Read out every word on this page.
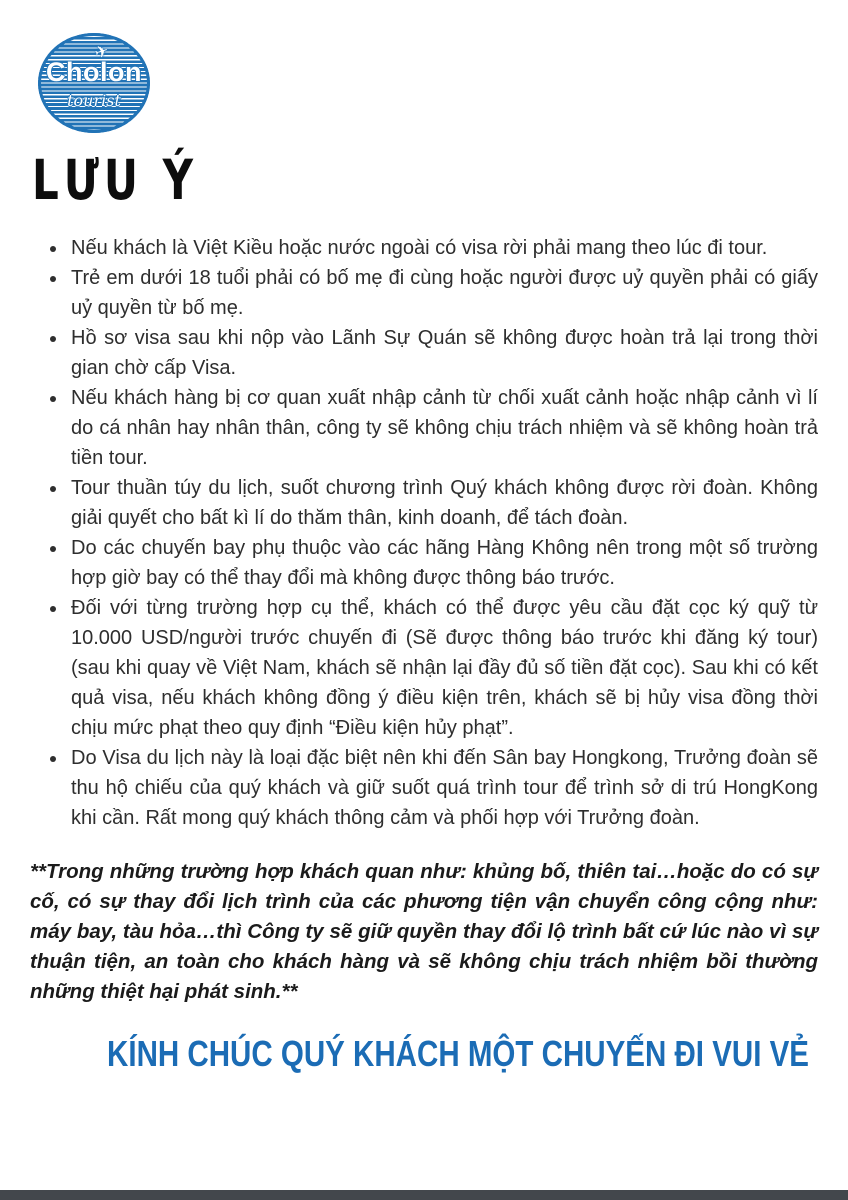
✈
Cholon
tourist
LƯU Ý
• Nếu khách là Việt Kiều hoặc nước ngoài có visa rời phải mang theo lúc đi tour.
• Trẻ em dưới 18 tuổi phải có bố mẹ đi cùng hoặc người được uỷ quyền phải có giấy uỷ quyền từ bố mẹ.
• Hồ sơ visa sau khi nộp vào Lãnh Sự Quán sẽ không được hoàn trả lại trong thời gian chờ cấp Visa.
• Nếu khách hàng bị cơ quan xuất nhập cảnh từ chối xuất cảnh hoặc nhập cảnh vì lí do cá nhân hay nhân thân, công ty sẽ không chịu trách nhiệm và sẽ không hoàn trả tiền tour.
• Tour thuần túy du lịch, suốt chương trình Quý khách không được rời đoàn. Không giải quyết cho bất kì lí do thăm thân, kinh doanh, để tách đoàn.
• Do các chuyến bay phụ thuộc vào các hãng Hàng Không nên trong một số trường hợp giờ bay có thể thay đổi mà không được thông báo trước.
• Đối với từng trường hợp cụ thể, khách có thể được yêu cầu đặt cọc ký quỹ từ 10.000 USD/người trước chuyến đi (Sẽ được thông báo trước khi đăng ký tour) (sau khi quay về Việt Nam, khách sẽ nhận lại đầy đủ số tiền đặt cọc). Sau khi có kết quả visa, nếu khách không đồng ý điều kiện trên, khách sẽ bị hủy visa đồng thời chịu mức phạt theo quy định “Điều kiện hủy phạt”.
• Do Visa du lịch này là loại đặc biệt nên khi đến Sân bay Hongkong, Trưởng đoàn sẽ thu hộ chiếu của quý khách và giữ suốt quá trình tour để trình sở di trú HongKong khi cần. Rất mong quý khách thông cảm và phối hợp với Trưởng đoàn.

**Trong những trường hợp khách quan như: khủng bố, thiên tai…hoặc do có sự cố, có sự thay đổi lịch trình của các phương tiện vận chuyển công cộng như: máy bay, tàu hỏa…thì Công ty sẽ giữ quyền thay đổi lộ trình bất cứ lúc nào vì sự thuận tiện, an toàn cho khách hàng và sẽ không chịu trách nhiệm bồi thường những thiệt hại phát sinh.**

KÍNH CHÚC QUÝ KHÁCH MỘT CHUYẾN ĐI VUI VẺ
